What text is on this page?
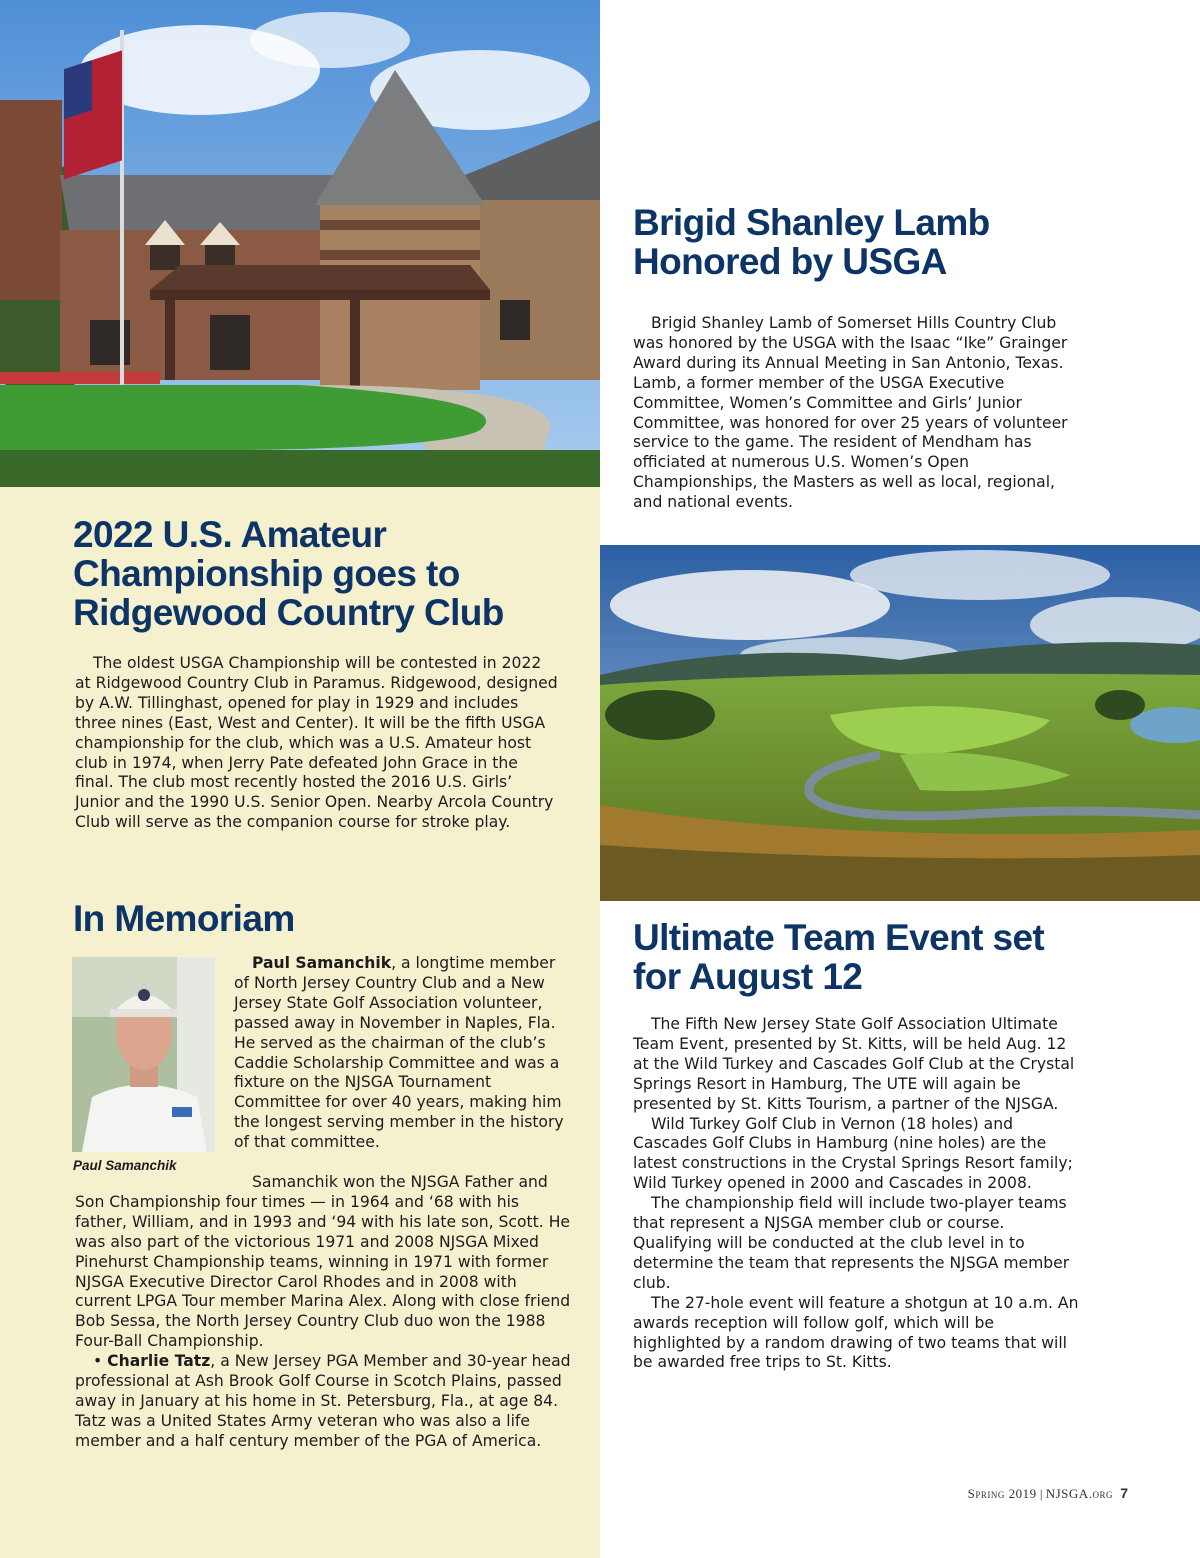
Brigid Shanley Lamb Honored by USGA

Brigid Shanley Lamb of Somerset Hills Country Club was honored by the USGA with the Isaac “Ike” Grainger Award during its Annual Meeting in San Antonio, Texas. Lamb, a former member of the USGA Executive Committee, Women’s Committee and Girls’ Junior Committee, was honored for over 25 years of volunteer service to the game. The resident of Mendham has officiated at numerous U.S. Women’s Open Championships, the Masters as well as local, regional, and national events.

2022 U.S. Amateur Championship goes to Ridgewood Country Club

The oldest USGA Championship will be contested in 2022 at Ridgewood Country Club in Paramus. Ridgewood, designed by A.W. Tillinghast, opened for play in 1929 and includes three nines (East, West and Center). It will be the fifth USGA championship for the club, which was a U.S. Amateur host club in 1974, when Jerry Pate defeated John Grace in the final. The club most recently hosted the 2016 U.S. Girls’ Junior and the 1990 U.S. Senior Open. Nearby Arcola Country Club will serve as the companion course for stroke play.

In Memoriam
Paul Samanchik

Paul Samanchik, a longtime member of North Jersey Country Club and a New Jersey State Golf Association volunteer, passed away in November in Naples, Fla. He served as the chairman of the club’s Caddie Scholarship Committee and was a fixture on the NJSGA Tournament Committee for over 40 years, making him the longest serving member in the history of that committee.

Samanchik won the NJSGA Father and Son Championship four times — in 1964 and ‘68 with his father, William, and in 1993 and ‘94 with his late son, Scott. He was also part of the victorious 1971 and 2008 NJSGA Mixed Pinehurst Championship teams, winning in 1971 with former NJSGA Executive Director Carol Rhodes and in 2008 with current LPGA Tour member Marina Alex. Along with close friend Bob Sessa, the North Jersey Country Club duo won the 1988 Four-Ball Championship.

• Charlie Tatz, a New Jersey PGA Member and 30-year head professional at Ash Brook Golf Course in Scotch Plains, passed away in January at his home in St. Petersburg, Fla., at age 84. Tatz was a United States Army veteran who was also a life member and a half century member of the PGA of America.

Ultimate Team Event set for August 12

The Fifth New Jersey State Golf Association Ultimate Team Event, presented by St. Kitts, will be held Aug. 12 at the Wild Turkey and Cascades Golf Club at the Crystal Springs Resort in Hamburg, The UTE will again be presented by St. Kitts Tourism, a partner of the NJSGA.

Wild Turkey Golf Club in Vernon (18 holes) and Cascades Golf Clubs in Hamburg (nine holes) are the latest constructions in the Crystal Springs Resort family; Wild Turkey opened in 2000 and Cascades in 2008.

The championship field will include two-player teams that represent a NJSGA member club or course. Qualifying will be conducted at the club level in to determine the team that represents the NJSGA member club.

The 27-hole event will feature a shotgun at 10 a.m. An awards reception will follow golf, which will be highlighted by a random drawing of two teams that will be awarded free trips to St. Kitts.

Spring 2019 | NJSGA.org 7
